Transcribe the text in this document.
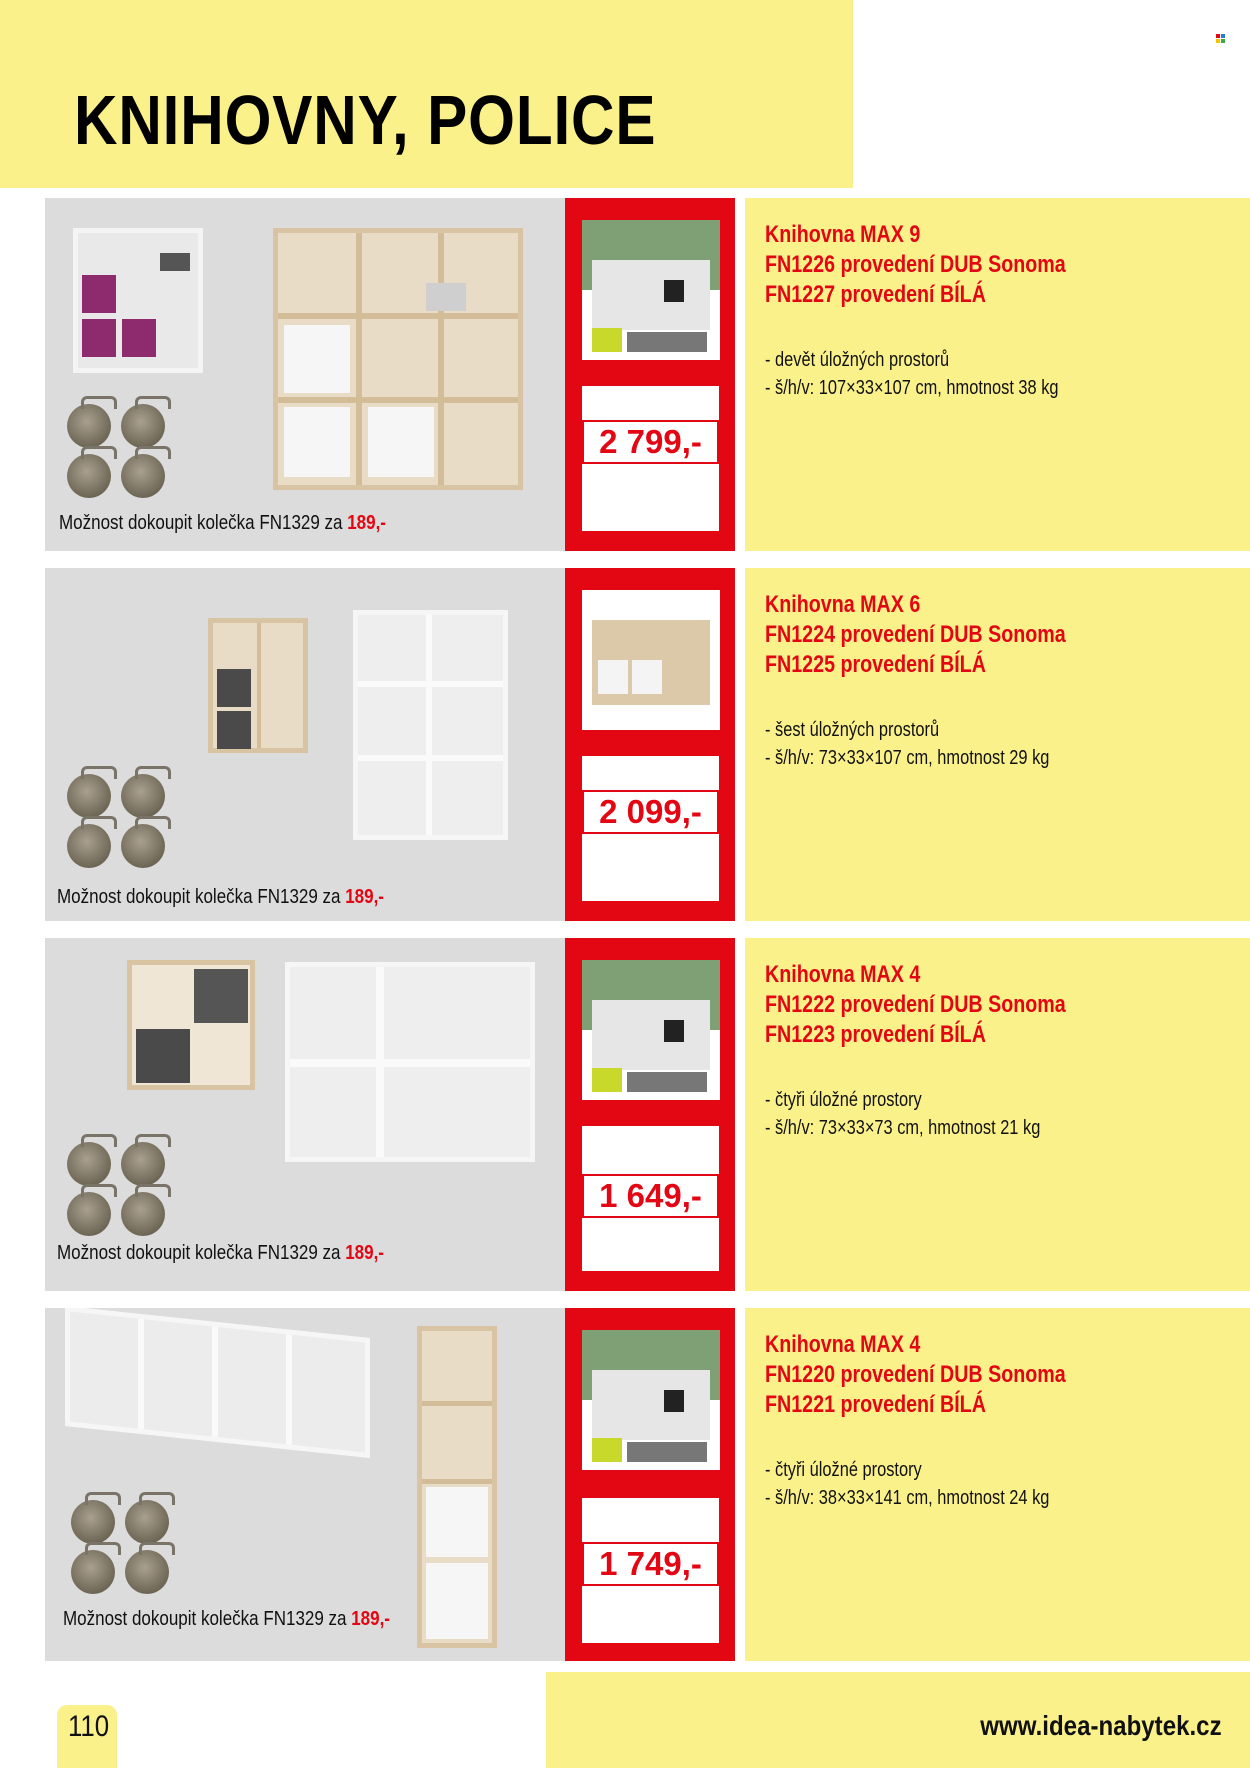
KNIHOVNY, POLICE
Možnost dokoupit kolečka FN1329 za 189,-
2 799,-
Knihovna MAX 9
FN1226 provedení DUB Sonoma
FN1227 provedení BÍLÁ
- devět úložných prostorů
- š/h/v: 107×33×107 cm, hmotnost 38 kg
Možnost dokoupit kolečka FN1329 za 189,-
2 099,-
Knihovna MAX 6
FN1224 provedení DUB Sonoma
FN1225 provedení BÍLÁ
- šest úložných prostorů
- š/h/v: 73×33×107 cm, hmotnost 29 kg
Možnost dokoupit kolečka FN1329 za 189,-
1 649,-
Knihovna MAX 4
FN1222 provedení DUB Sonoma
FN1223 provedení BÍLÁ
- čtyři úložné prostory
- š/h/v: 73×33×73 cm, hmotnost 21 kg
Možnost dokoupit kolečka FN1329 za 189,-
1 749,-
Knihovna MAX 4
FN1220 provedení DUB Sonoma
FN1221 provedení BÍLÁ
- čtyři úložné prostory
- š/h/v: 38×33×141 cm, hmotnost 24 kg
110	www.idea-nabytek.cz
